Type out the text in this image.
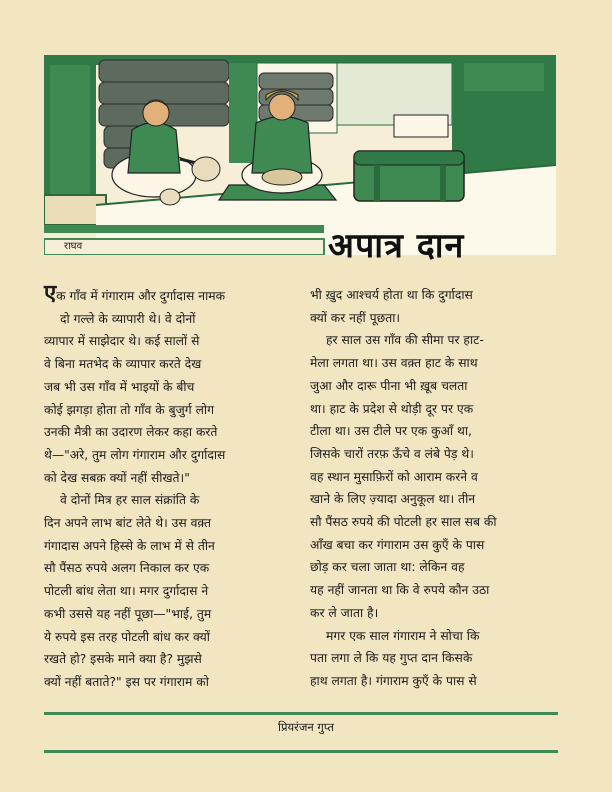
राघव	अपात्र दान

एक गाँव में गंगाराम और दुर्गादास नामक

दो गल्ले के व्यापारी थे। वे दोनों

व्यापार में साझेदार थे। कई सालों से

वे बिना मतभेद के व्यापार करते देख

जब भी उस गाँव में भाइयों के बीच

कोई झगड़ा होता तो गाँव के बुजुर्ग लोग

उनकी मैत्री का उदारण लेकर कहा करते

थे—"अरे, तुम लोग गंगाराम और दुर्गादास

को देख सबक़ क्यों नहीं सीखते।"

वे दोनों मित्र हर साल संक्रांति के

दिन अपने लाभ बांट लेते थे। उस वक़्त

गंगादास अपने हिस्से के लाभ में से तीन

सौ पैंसठ रुपये अलग निकाल कर एक

पोटली बांध लेता था। मगर दुर्गादास ने

कभी उससे यह नहीं पूछा—"भाई, तुम

ये रुपये इस तरह पोटली बांध कर क्यों

रखते हो? इसके माने क्या है? मुझसे

क्यों नहीं बताते?" इस पर गंगाराम को

भी ख़ुद आश्चर्य होता था कि दुर्गादास

क्यों कर नहीं पूछता।

हर साल उस गाँव की सीमा पर हाट-

मेला लगता था। उस वक़्त हाट के साथ

जुआ और दारू पीना भी ख़ूब चलता

था। हाट के प्रदेश से थोड़ी दूर पर एक

टीला था। उस टीले पर एक कुआँ था,

जिसके चारों तरफ़ ऊँचे व लंबे पेड़ थे।

वह स्थान मुसाफ़िरों को आराम करने व

खाने के लिए ज़्यादा अनुकूल था। तीन

सौ पैंसठ रुपये की पोटली हर साल सब की

आँख बचा कर गंगाराम उस कुएँ के पास

छोड़ कर चला जाता था: लेकिन वह

यह नहीं जानता था कि वे रुपये कौन उठा

कर ले जाता है।

मगर एक साल गंगाराम ने सोचा कि

पता लगा ले कि यह गुप्त दान किसके

हाथ लगता है। गंगाराम कुएँ के पास से

प्रियरंजन गुप्त
